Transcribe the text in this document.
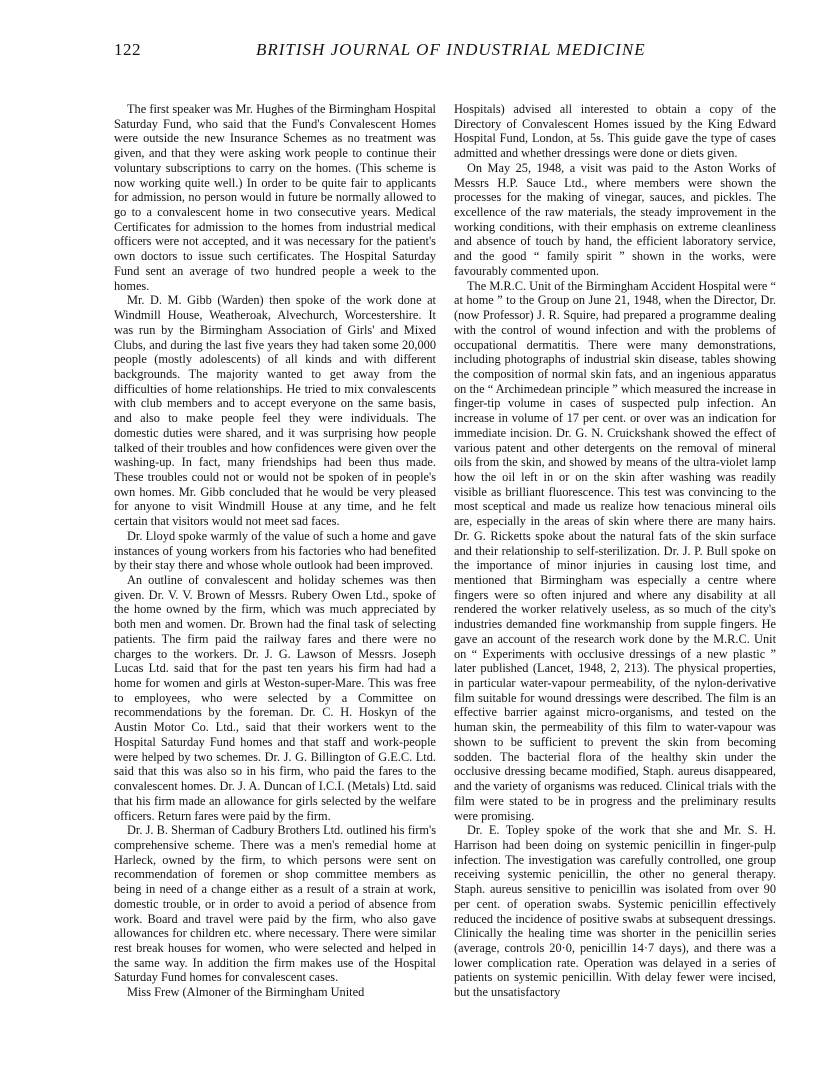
122	BRITISH JOURNAL OF INDUSTRIAL MEDICINE

The first speaker was Mr. Hughes of the Birmingham Hospital Saturday Fund, who said that the Fund's Convalescent Homes were outside the new Insurance Schemes as no treatment was given, and that they were asking work people to continue their voluntary subscriptions to carry on the homes. (This scheme is now working quite well.) In order to be quite fair to applicants for admission, no person would in future be normally allowed to go to a convalescent home in two consecutive years. Medical Certificates for admission to the homes from industrial medical officers were not accepted, and it was necessary for the patient's own doctors to issue such certificates. The Hospital Saturday Fund sent an average of two hundred people a week to the homes.

Mr. D. M. Gibb (Warden) then spoke of the work done at Windmill House, Weatheroak, Alvechurch, Worcestershire. It was run by the Birmingham Association of Girls' and Mixed Clubs, and during the last five years they had taken some 20,000 people (mostly adolescents) of all kinds and with different backgrounds. The majority wanted to get away from the difficulties of home relationships. He tried to mix convalescents with club members and to accept everyone on the same basis, and also to make people feel they were individuals. The domestic duties were shared, and it was surprising how people talked of their troubles and how confidences were given over the washing-up. In fact, many friendships had been thus made. These troubles could not or would not be spoken of in people's own homes. Mr. Gibb concluded that he would be very pleased for anyone to visit Windmill House at any time, and he felt certain that visitors would not meet sad faces.

Dr. Lloyd spoke warmly of the value of such a home and gave instances of young workers from his factories who had benefited by their stay there and whose whole outlook had been improved.

An outline of convalescent and holiday schemes was then given. Dr. V. V. Brown of Messrs. Rubery Owen Ltd., spoke of the home owned by the firm, which was much appreciated by both men and women. Dr. Brown had the final task of selecting patients. The firm paid the railway fares and there were no charges to the workers. Dr. J. G. Lawson of Messrs. Joseph Lucas Ltd. said that for the past ten years his firm had had a home for women and girls at Weston-super-Mare. This was free to employees, who were selected by a Committee on recommendations by the foreman. Dr. C. H. Hoskyn of the Austin Motor Co. Ltd., said that their workers went to the Hospital Saturday Fund homes and that staff and work-people were helped by two schemes. Dr. J. G. Billington of G.E.C. Ltd. said that this was also so in his firm, who paid the fares to the convalescent homes. Dr. J. A. Duncan of I.C.I. (Metals) Ltd. said that his firm made an allowance for girls selected by the welfare officers. Return fares were paid by the firm.

Dr. J. B. Sherman of Cadbury Brothers Ltd. outlined his firm's comprehensive scheme. There was a men's remedial home at Harleck, owned by the firm, to which persons were sent on recommendation of foremen or shop committee members as being in need of a change either as a result of a strain at work, domestic trouble, or in order to avoid a period of absence from work. Board and travel were paid by the firm, who also gave allowances for children etc. where necessary. There were similar rest break houses for women, who were selected and helped in the same way. In addition the firm makes use of the Hospital Saturday Fund homes for convalescent cases.

Miss Frew (Almoner of the Birmingham United

Hospitals) advised all interested to obtain a copy of the Directory of Convalescent Homes issued by the King Edward Hospital Fund, London, at 5s. This guide gave the type of cases admitted and whether dressings were done or diets given.

On May 25, 1948, a visit was paid to the Aston Works of Messrs H.P. Sauce Ltd., where members were shown the processes for the making of vinegar, sauces, and pickles. The excellence of the raw materials, the steady improvement in the working conditions, with their emphasis on extreme cleanliness and absence of touch by hand, the efficient laboratory service, and the good “ family spirit ” shown in the works, were favourably commented upon.

The M.R.C. Unit of the Birmingham Accident Hospital were “ at home ” to the Group on June 21, 1948, when the Director, Dr. (now Professor) J. R. Squire, had prepared a programme dealing with the control of wound infection and with the problems of occupational dermatitis. There were many demonstrations, including photographs of industrial skin disease, tables showing the composition of normal skin fats, and an ingenious apparatus on the “ Archimedean principle ” which measured the increase in finger-tip volume in cases of suspected pulp infection. An increase in volume of 17 per cent. or over was an indication for immediate incision. Dr. G. N. Cruickshank showed the effect of various patent and other detergents on the removal of mineral oils from the skin, and showed by means of the ultra-violet lamp how the oil left in or on the skin after washing was readily visible as brilliant fluorescence. This test was convincing to the most sceptical and made us realize how tenacious mineral oils are, especially in the areas of skin where there are many hairs. Dr. G. Ricketts spoke about the natural fats of the skin surface and their relationship to self-sterilization. Dr. J. P. Bull spoke on the importance of minor injuries in causing lost time, and mentioned that Birmingham was especially a centre where fingers were so often injured and where any disability at all rendered the worker relatively useless, as so much of the city's industries demanded fine workmanship from supple fingers. He gave an account of the research work done by the M.R.C. Unit on “ Experiments with occlusive dressings of a new plastic ” later published (Lancet, 1948, 2, 213). The physical properties, in particular water-vapour permeability, of the nylon-derivative film suitable for wound dressings were described. The film is an effective barrier against micro-organisms, and tested on the human skin, the permeability of this film to water-vapour was shown to be sufficient to prevent the skin from becoming sodden. The bacterial flora of the healthy skin under the occlusive dressing became modified, Staph. aureus disappeared, and the variety of organisms was reduced. Clinical trials with the film were stated to be in progress and the preliminary results were promising.

Dr. E. Topley spoke of the work that she and Mr. S. H. Harrison had been doing on systemic penicillin in finger-pulp infection. The investigation was carefully controlled, one group receiving systemic penicillin, the other no general therapy. Staph. aureus sensitive to penicillin was isolated from over 90 per cent. of operation swabs. Systemic penicillin effectively reduced the incidence of positive swabs at subsequent dressings. Clinically the healing time was shorter in the penicillin series (average, controls 20·0, penicillin 14·7 days), and there was a lower complication rate. Operation was delayed in a series of patients on systemic penicillin. With delay fewer were incised, but the unsatisfactory
